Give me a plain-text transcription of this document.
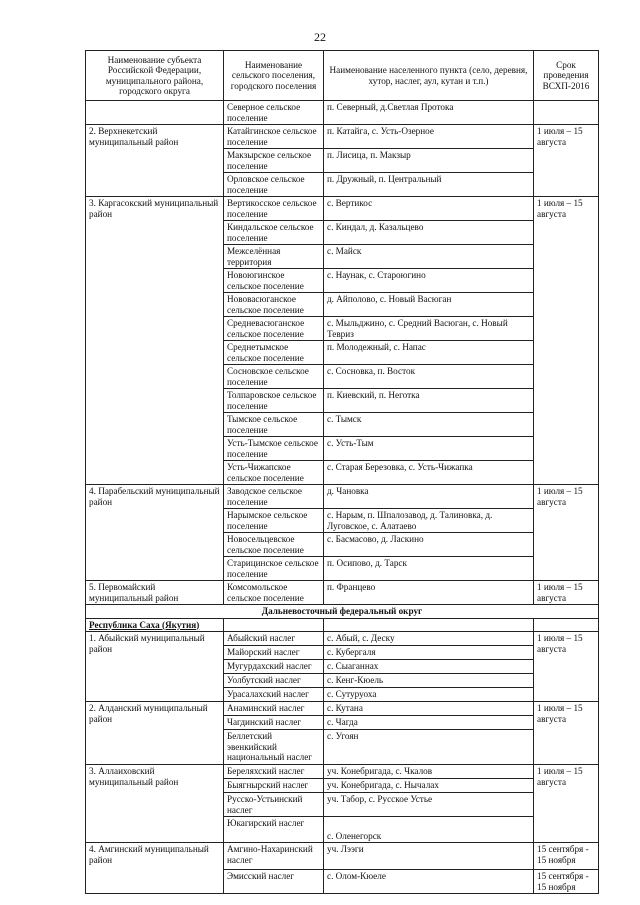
22
Наименование субъекта Российской Федерации, муниципального района, городского округа	Наименование сельского поселения, городского поселения	Наименование населенного пункта (село, деревня, хутор, наслег, аул, кутан и т.п.)	Срок проведения ВСХП-2016
	Северное сельское поселение	п. Северный, д.Светлая Протока	
2. Верхнекетский муниципальный район	Катайгинское сельское поселение	п. Катайга, с. Усть-Озерное	1 июля – 15 августа
	Макзырское сельское поселение	п. Лисица, п. Макзыр	
	Орловское сельское поселение	п. Дружный, п. Центральный	
3. Каргасокский муниципальный район	Вертикосское сельское поселение	с. Вертикос	1 июля – 15 августа
	Киндальское сельское поселение	с. Киндал, д. Казальцево	
	Межселённая территория	с. Майск	
	Новоюгинское сельское поселение	с. Наунак, с. Староюгино	
	Нововасюганское сельское поселение	д. Айполово, с. Новый Васюган	
	Средневасюганское сельское поселение	с. Мыльджино, с. Средний Васюган, с. Новый Тевриз	
	Среднетымское сельское поселение	п. Молодежный, с. Напас	
	Сосновское сельское поселение	с. Сосновка, п. Восток	
	Толпаровское сельское поселение	п. Киевский, п. Неготка	
	Тымское сельское поселение	с. Тымск	
	Усть-Тымское сельское поселение	с. Усть-Тым	
	Усть-Чижапское сельское поселение	с. Старая Березовка, с. Усть-Чижапка	
4. Парабельский муниципальный район	Заводское сельское поселение	д. Чановка	1 июля – 15 августа
	Нарымское сельское поселение	с. Нарым, п. Шпалозавод, д. Талиновка, д. Луговское, с. Алатаево	
	Новосельцевское сельское поселение	с. Басмасово, д. Ласкино	
	Старицинское сельское поселение	п. Осипово, д. Тарск	
5. Первомайский муниципальный район	Комсомольское сельское поселение	п. Францево	1 июля – 15 августа
Дальневосточный федеральный округ			
Республика Саха (Якутия)			
1. Абыйский муниципальный район	Абыйский наслег	с. Абый, с. Деску	1 июля – 15 августа
	Майорский наслег	с. Кубергаля	
	Мугурдахский наслег	с. Сыаганнах	
	Уолбутский наслег	с. Кенг-Кюель	
	Урасалахский наслег	с. Сутуруоха	
2. Алданский муниципальный район	Анаминский наслег	с. Кутана	1 июля – 15 августа
	Чагдинский наслег	с. Чагда	
	Беллетский эвенкийский национальный наслег	с. Угоян	
3. Аллаиховский муниципальный район	Береляхский наслег	уч. Конебригада, с. Чкалов	1 июля – 15 августа
	Быягнырский наслег	уч. Конебригада, с. Нычалах	
	Русско-Устьинский наслег	уч. Табор, с. Русское Устье	
	Юкагирский наслег	с. Оленегорск	
4. Амгинский муниципальный район	Амгино-Нахаринский наслег	уч. Лээги	15 сентября - 15 ноября
	Эмисский наслег	с. Олом-Кюеле	15 сентября - 15 ноября
